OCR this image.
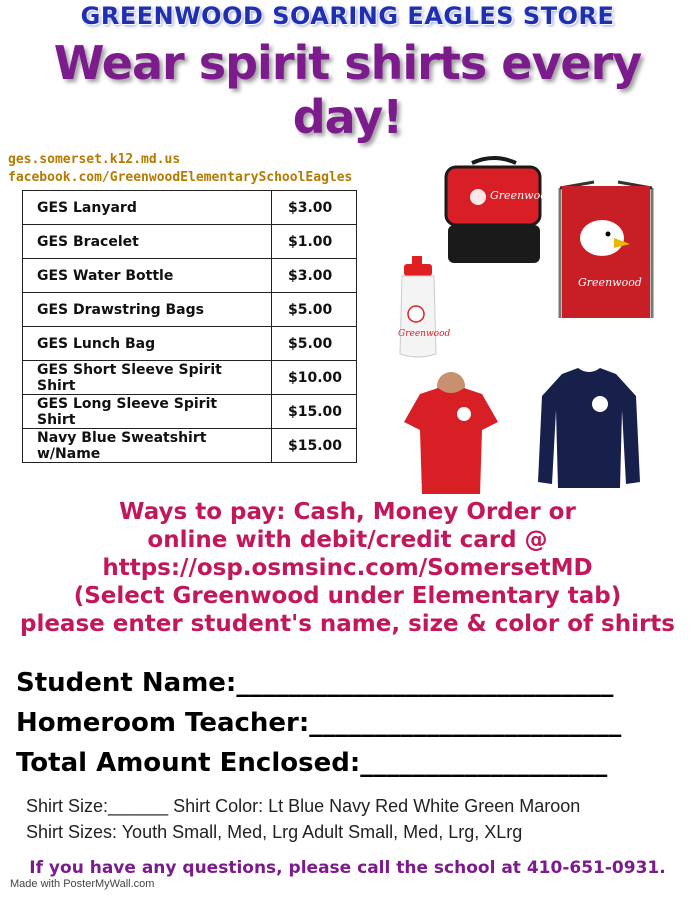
GREENWOOD SOARING EAGLES STORE
Wear spirit shirts every
day!
ges.somerset.k12.md.us
facebook.com/GreenwoodElementarySchoolEagles
GES Lanyard	$3.00
GES Bracelet	$1.00
GES Water Bottle	$3.00
GES Drawstring Bags	$5.00
GES Lunch Bag	$5.00
GES Short Sleeve Spirit Shirt	$10.00
GES Long Sleeve Spirit Shirt	$15.00
Navy Blue Sweatshirt w/Name	$15.00
Greenwood
Greenwood
Greenwood
Ways to pay: Cash, Money Order or
online with debit/credit card @
https://osp.osmsinc.com/SomersetMD
(Select Greenwood under Elementary tab)
please enter student's name, size & color of shirts
Student Name:_____________________________
Homeroom Teacher:________________________
Total Amount Enclosed:___________________
Shirt Size:______ Shirt Color: Lt Blue Navy Red White Green Maroon
Shirt Sizes: Youth Small, Med, Lrg Adult Small, Med, Lrg, XLrg
If you have any questions, please call the school at 410-651-0931.
Made with PosterMyWall.com
